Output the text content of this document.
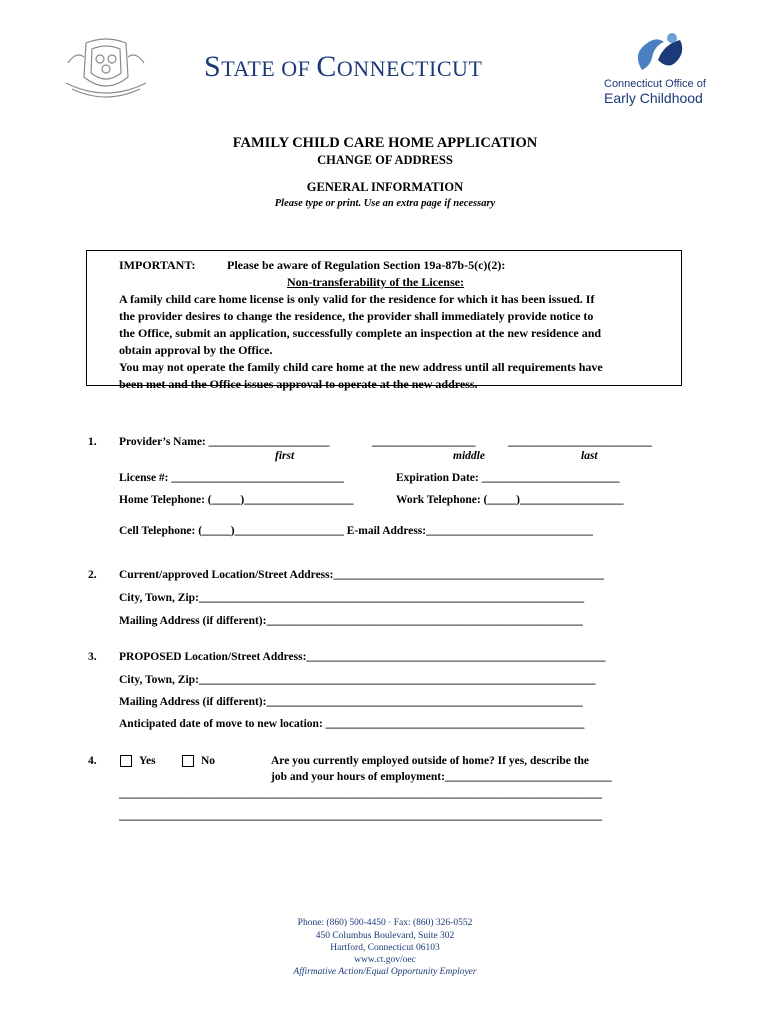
STATE OF CONNECTICUT
Connecticut Office of
Early Childhood
FAMILY CHILD CARE HOME APPLICATION
CHANGE OF ADDRESS
GENERAL INFORMATION
Please type or print. Use an extra page if necessary
IMPORTANT:	Please be aware of Regulation Section 19a-87b-5(c)(2):
Non-transferability of the License:
A family child care home license is only valid for the residence for which it has been issued. If
the provider desires to change the residence, the provider shall immediately provide notice to
the Office, submit an application, successfully complete an inspection at the new residence and
obtain approval by the Office.
You may not operate the family child care home at the new address until all requirements have
been met and the Office issues approval to operate at the new address.
1. Provider’s Name: _____________________	__________________	_________________________
first	middle	last
License #: ______________________________	Expiration Date: ________________________
Home Telephone: (_____)___________________	Work Telephone: (_____)__________________
Cell Telephone: (_____)___________________ E-mail Address:_____________________________
2. Current/approved Location/Street Address:_______________________________________________
City, Town, Zip:___________________________________________________________________
Mailing Address (if different):_______________________________________________________
3. PROPOSED Location/Street Address:____________________________________________________
City, Town, Zip:_____________________________________________________________________
Mailing Address (if different):_______________________________________________________
Anticipated date of move to new location: _____________________________________________
4.	Yes	No	Are you currently employed outside of home? If yes, describe the
job and your hours of employment:_____________________________
____________________________________________________________________________________
____________________________________________________________________________________
Phone: (860) 500-4450 · Fax: (860) 326-0552
450 Columbus Boulevard, Suite 302
Hartford, Connecticut 06103
www.ct.gov/oec
Affirmative Action/Equal Opportunity Employer
